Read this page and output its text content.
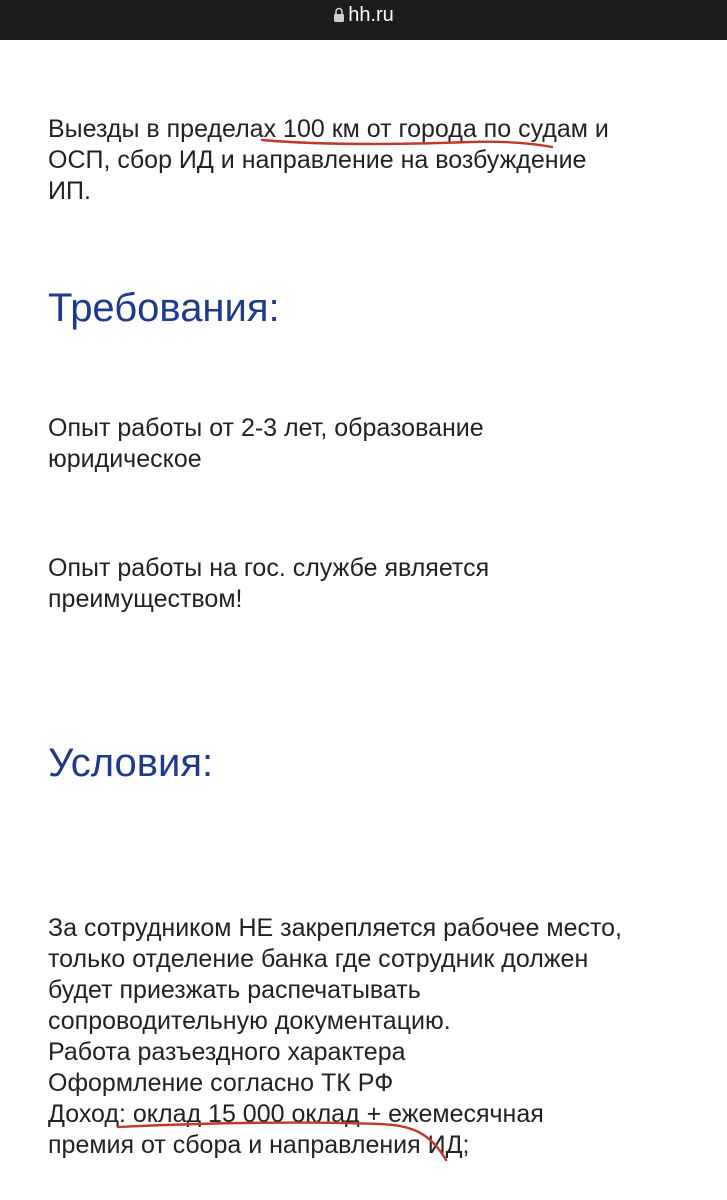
hh.ru
Выезды в пределах 100 км от города по судам и
ОСП, сбор ИД и направление на возбуждение
ИП.
Требования:
Опыт работы от 2-3 лет, образование
юридическое
Опыт работы на гос. службе является
преимуществом!
Условия:
За сотрудником НЕ закрепляется рабочее место,
только отделение банка где сотрудник должен
будет приезжать распечатывать
сопроводительную документацию.
Работа разъездного характера
Оформление согласно ТК РФ
Доход: оклад 15 000 оклад + ежемесячная
премия от сбора и направления ИД;
